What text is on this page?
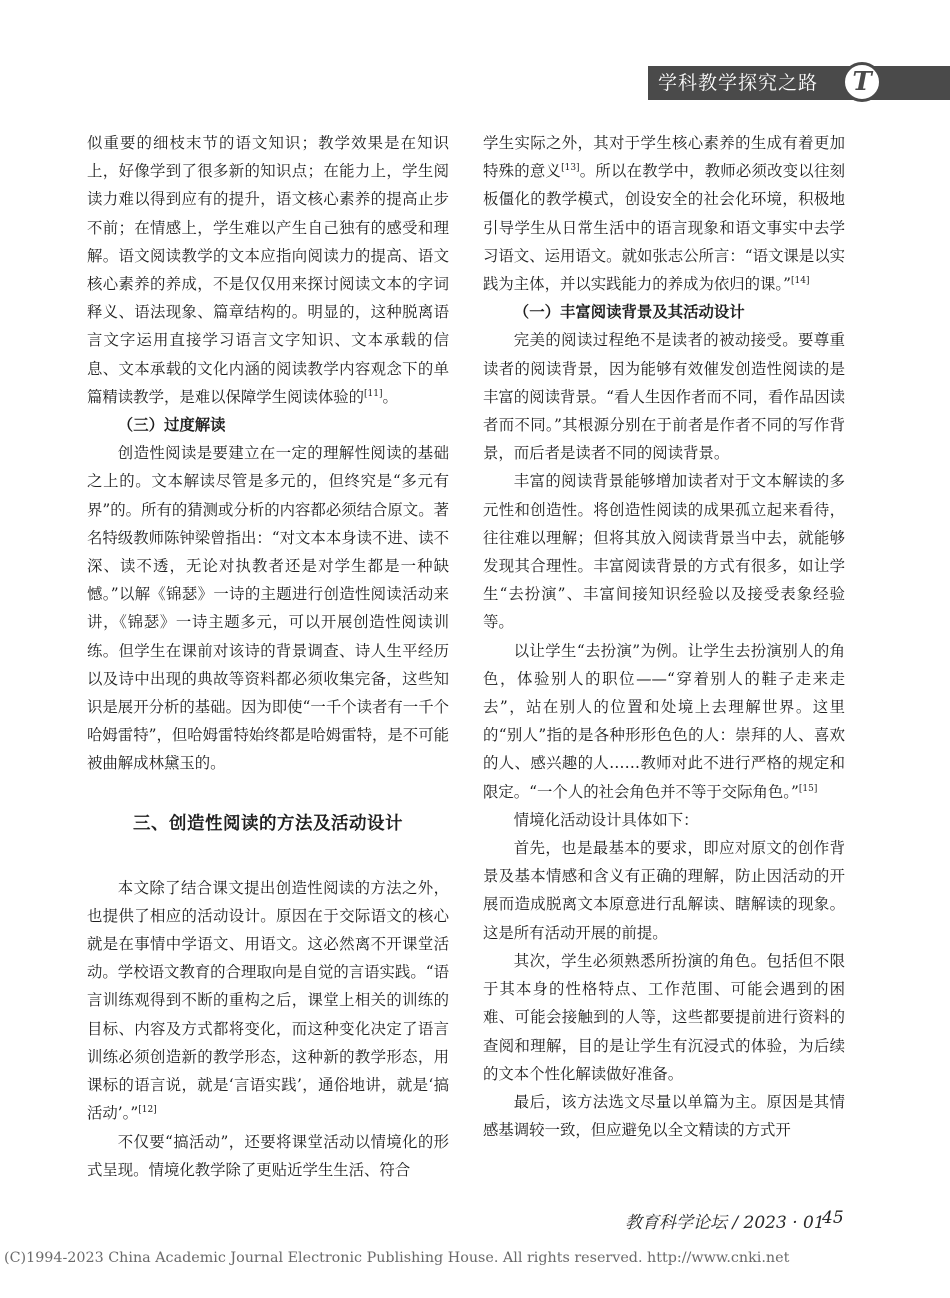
学科教学探究之路 T

似重要的细枝末节的语文知识；教学效果是在知识上，好像学到了很多新的知识点；在能力上，学生阅读力难以得到应有的提升，语文核心素养的提高止步不前；在情感上，学生难以产生自己独有的感受和理解。语文阅读教学的文本应指向阅读力的提高、语文核心素养的养成，不是仅仅用来探讨阅读文本的字词释义、语法现象、篇章结构的。明显的，这种脱离语言文字运用直接学习语言文字知识、文本承载的信息、文本承载的文化内涵的阅读教学内容观念下的单篇精读教学，是难以保障学生阅读体验的[11]。

（三）过度解读

创造性阅读是要建立在一定的理解性阅读的基础之上的。文本解读尽管是多元的，但终究是“多元有界”的。所有的猜测或分析的内容都必须结合原文。著名特级教师陈钟梁曾指出：“对文本本身读不进、读不深、读不透，无论对执教者还是对学生都是一种缺憾。”以解《锦瑟》一诗的主题进行创造性阅读活动来讲，《锦瑟》一诗主题多元，可以开展创造性阅读训练。但学生在课前对该诗的背景调查、诗人生平经历以及诗中出现的典故等资料都必须收集完备，这些知识是展开分析的基础。因为即使“一千个读者有一千个哈姆雷特”，但哈姆雷特始终都是哈姆雷特，是不可能被曲解成林黛玉的。

三、创造性阅读的方法及活动设计

本文除了结合课文提出创造性阅读的方法之外，也提供了相应的活动设计。原因在于交际语文的核心就是在事情中学语文、用语文。这必然离不开课堂活动。学校语文教育的合理取向是自觉的言语实践。“语言训练观得到不断的重构之后，课堂上相关的训练的目标、内容及方式都将变化，而这种变化决定了语言训练必须创造新的教学形态，这种新的教学形态，用课标的语言说，就是‘言语实践’，通俗地讲，就是‘搞活动’。”[12]

不仅要“搞活动”，还要将课堂活动以情境化的形式呈现。情境化教学除了更贴近学生生活、符合

学生实际之外，其对于学生核心素养的生成有着更加特殊的意义[13]。所以在教学中，教师必须改变以往刻板僵化的教学模式，创设安全的社会化环境，积极地引导学生从日常生活中的语言现象和语文事实中去学习语文、运用语文。就如张志公所言：“语文课是以实践为主体，并以实践能力的养成为依归的课。”[14]

（一）丰富阅读背景及其活动设计

完美的阅读过程绝不是读者的被动接受。要尊重读者的阅读背景，因为能够有效催发创造性阅读的是丰富的阅读背景。“看人生因作者而不同，看作品因读者而不同。”其根源分别在于前者是作者不同的写作背景，而后者是读者不同的阅读背景。

丰富的阅读背景能够增加读者对于文本解读的多元性和创造性。将创造性阅读的成果孤立起来看待，往往难以理解；但将其放入阅读背景当中去，就能够发现其合理性。丰富阅读背景的方式有很多，如让学生“去扮演”、丰富间接知识经验以及接受表象经验等。

以让学生“去扮演”为例。让学生去扮演别人的角色，体验别人的职位——“穿着别人的鞋子走来走去”，站在别人的位置和处境上去理解世界。这里的“别人”指的是各种形形色色的人：崇拜的人、喜欢的人、感兴趣的人……教师对此不进行严格的规定和限定。“一个人的社会角色并不等于交际角色。”[15]

情境化活动设计具体如下：

首先，也是最基本的要求，即应对原文的创作背景及基本情感和含义有正确的理解，防止因活动的开展而造成脱离文本原意进行乱解读、瞎解读的现象。这是所有活动开展的前提。

其次，学生必须熟悉所扮演的角色。包括但不限于其本身的性格特点、工作范围、可能会遇到的困难、可能会接触到的人等，这些都要提前进行资料的查阅和理解，目的是让学生有沉浸式的体验，为后续的文本个性化解读做好准备。

最后，该方法选文尽量以单篇为主。原因是其情感基调较一致，但应避免以全文精读的方式开

教育科学论坛 / 2023 · 01
45
(C)1994-2023 China Academic Journal Electronic Publishing House. All rights reserved. http://www.cnki.net
